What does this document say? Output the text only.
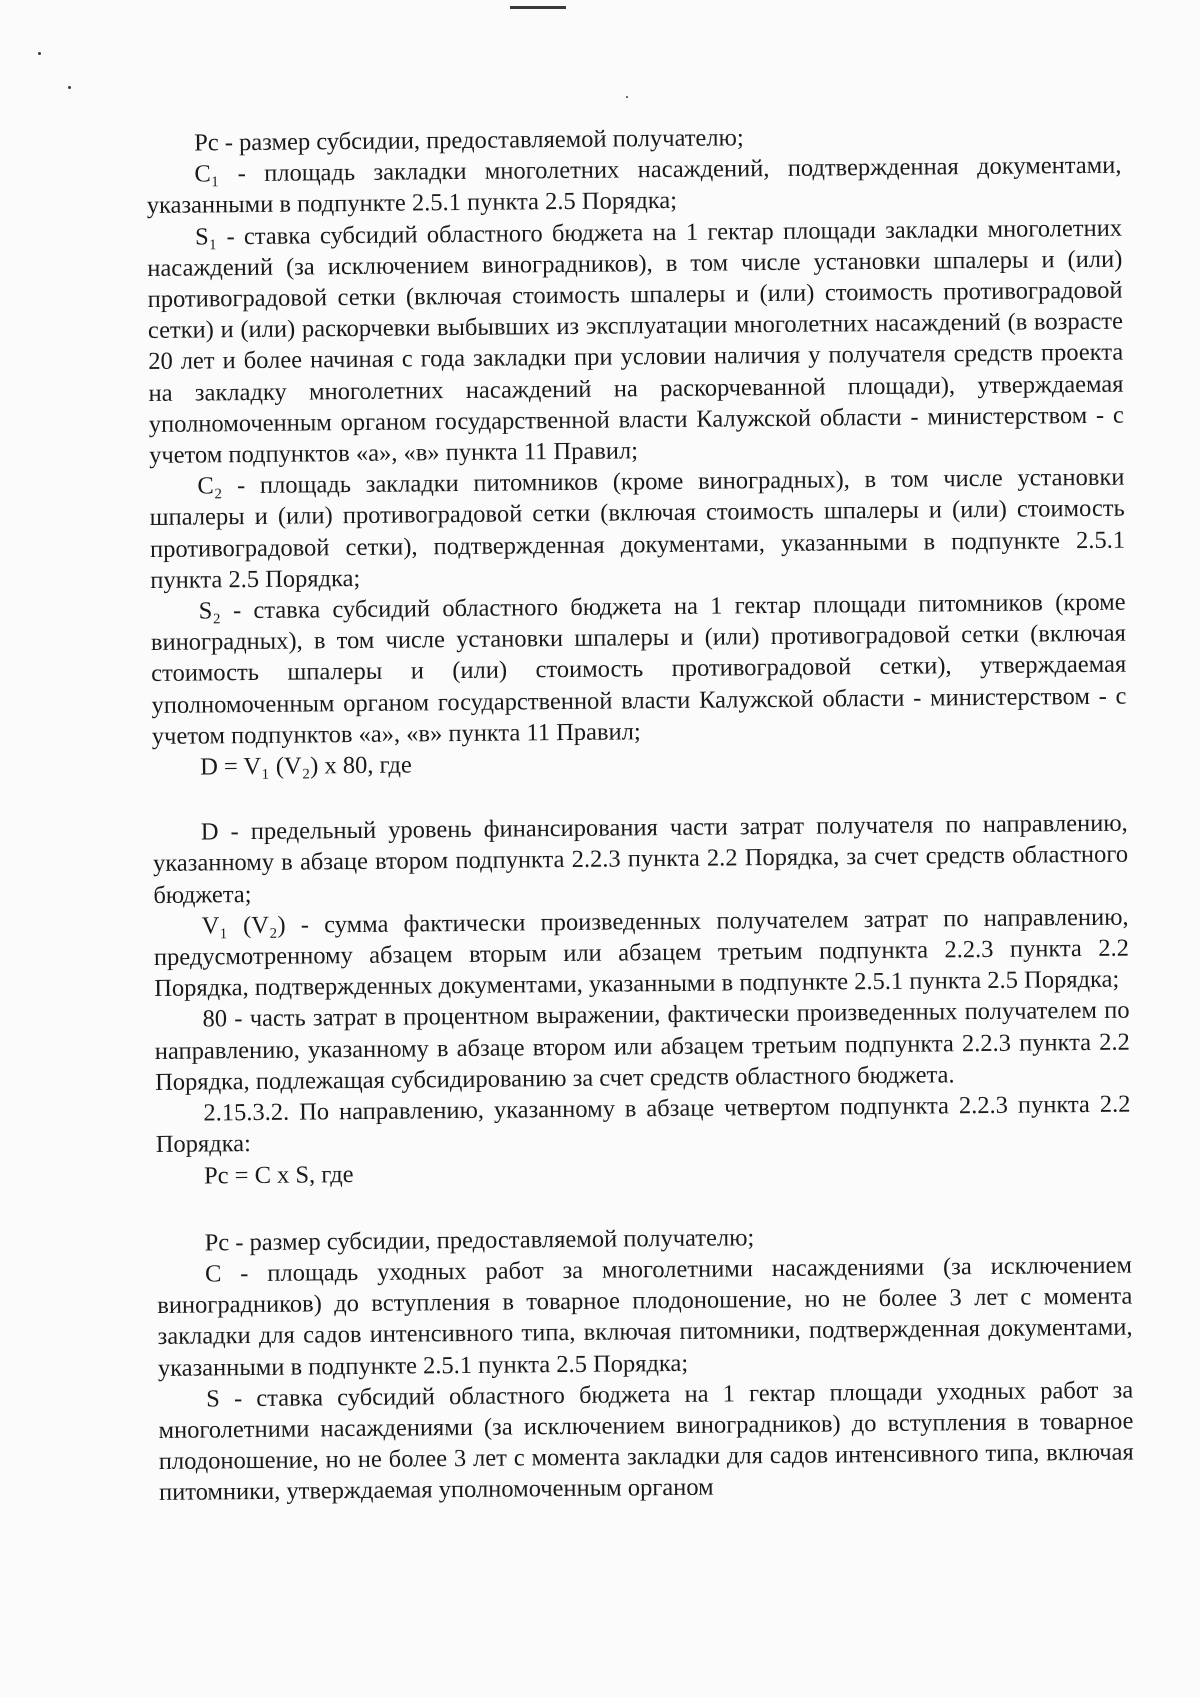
Рс - размер субсидии, предоставляемой получателю;

C₁ - площадь закладки многолетних насаждений, подтвержденная документами, указанными в подпункте 2.5.1 пункта 2.5 Порядка;

S₁ - ставка субсидий областного бюджета на 1 гектар площади закладки многолетних насаждений (за исключением виноградников), в том числе установки шпалеры и (или) противоградовой сетки (включая стоимость шпалеры и (или) стоимость противоградовой сетки) и (или) раскорчевки выбывших из эксплуатации многолетних насаждений (в возрасте 20 лет и более начиная с года закладки при условии наличия у получателя средств проекта на закладку многолетних насаждений на раскорчеванной площади), утверждаемая уполномоченным органом государственной власти Калужской области - министерством - с учетом подпунктов «а», «в» пункта 11 Правил;

C₂ - площадь закладки питомников (кроме виноградных), в том числе установки шпалеры и (или) противоградовой сетки (включая стоимость шпалеры и (или) стоимость противоградовой сетки), подтвержденная документами, указанными в подпункте 2.5.1 пункта 2.5 Порядка;

S₂ - ставка субсидий областного бюджета на 1 гектар площади питомников (кроме виноградных), в том числе установки шпалеры и (или) противоградовой сетки (включая стоимость шпалеры и (или) стоимость противоградовой сетки), утверждаемая уполномоченным органом государственной власти Калужской области - министерством - с учетом подпунктов «а», «в» пункта 11 Правил;

D = V₁ (V₂) х 80, где

D - предельный уровень финансирования части затрат получателя по направлению, указанному в абзаце втором подпункта 2.2.3 пункта 2.2 Порядка, за счет средств областного бюджета;

V₁ (V₂) - сумма фактически произведенных получателем затрат по направлению, предусмотренному абзацем вторым или абзацем третьим подпункта 2.2.3 пункта 2.2 Порядка, подтвержденных документами, указанными в подпункте 2.5.1 пункта 2.5 Порядка;

80 - часть затрат в процентном выражении, фактически произведенных получателем по направлению, указанному в абзаце втором или абзацем третьим подпункта 2.2.3 пункта 2.2 Порядка, подлежащая субсидированию за счет средств областного бюджета.

2.15.3.2. По направлению, указанному в абзаце четвертом подпункта 2.2.3 пункта 2.2 Порядка:

Рс = С х S, где

Рс - размер субсидии, предоставляемой получателю;

С - площадь уходных работ за многолетними насаждениями (за исключением виноградников) до вступления в товарное плодоношение, но не более 3 лет с момента закладки для садов интенсивного типа, включая питомники, подтвержденная документами, указанными в подпункте 2.5.1 пункта 2.5 Порядка;

S - ставка субсидий областного бюджета на 1 гектар площади уходных работ за многолетними насаждениями (за исключением виноградников) до вступления в товарное плодоношение, но не более 3 лет с момента закладки для садов интенсивного типа, включая питомники, утверждаемая уполномоченным органом
